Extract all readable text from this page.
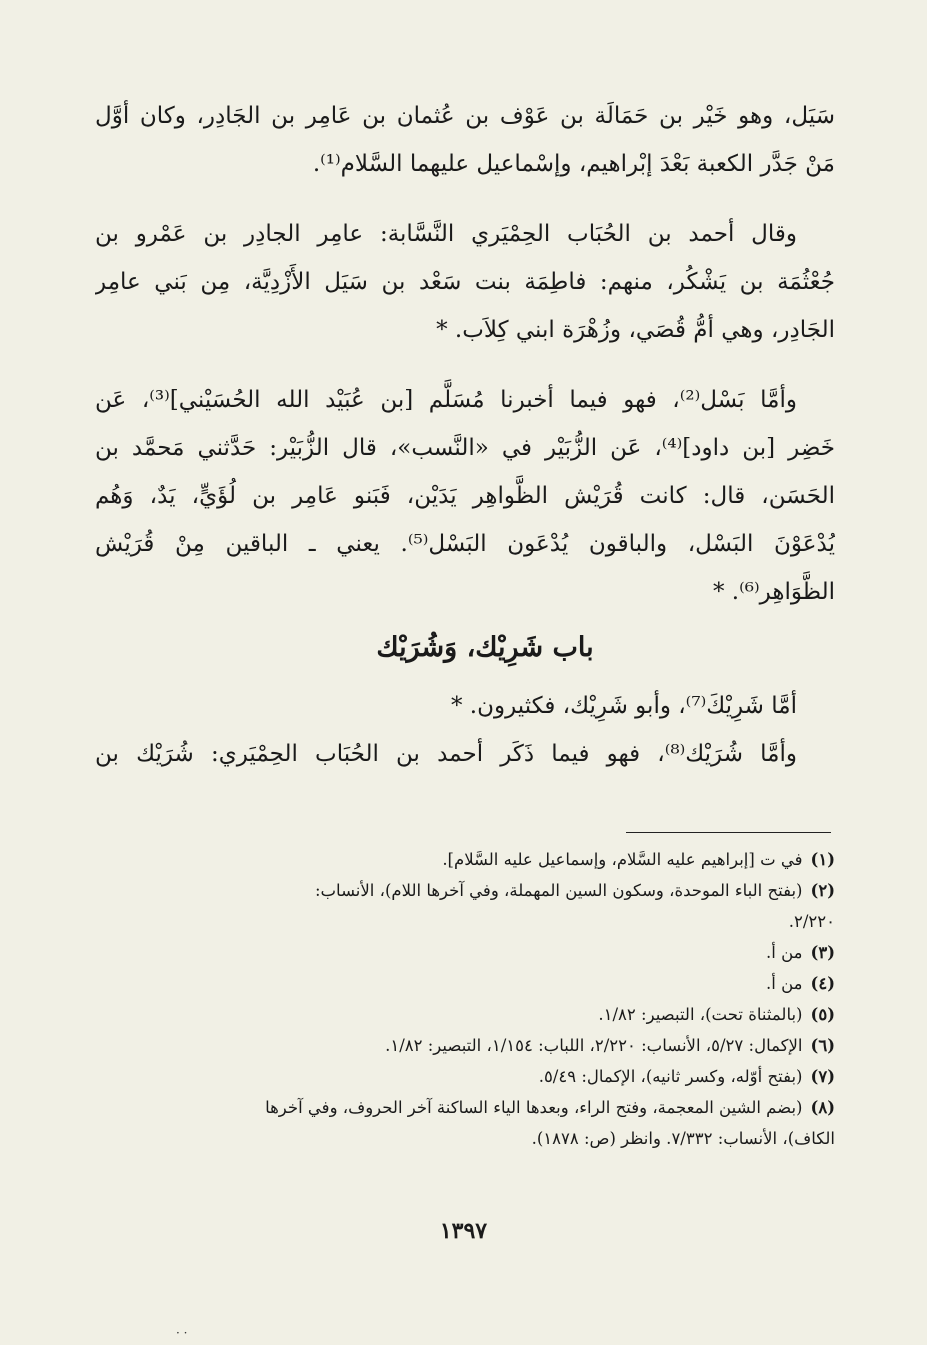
سَيَل، وهو خَيْر بن حَمَالَة بن عَوْف بن عُثمان بن عَامِر بن الجَادِر، وكان أوَّل
مَنْ جَدَّر الكعبة بَعْدَ إبْراهيم، وإسْماعيل عليهما السَّلام⁽¹⁾.
وقال أحمد بن الحُبَاب الحِمْيَري النَّسَّابة: عامِر الجادِر بن عَمْرو بن
جُعْثُمَة بن يَشْكُر، منهم: فاطِمَة بنت سَعْد بن سَيَل الأَزْدِيَّة، مِن بَني عامِر
الجَادِر، وهي أمُّ قُصَي، وزُهْرَة ابني كِلاَب. *
وأمَّا بَسْل⁽²⁾، فهو فيما أخبرنا مُسَلَّم [بن عُبَيْد الله الحُسَيْني]⁽³⁾، عَن
خَضِر [بن داود]⁽⁴⁾، عَن الزُّبَيْر في «النَّسب»، قال الزُّبَيْر: حَدَّثني مَحمَّد بن
الحَسَن، قال: كانت قُرَيْش الظَّواهِر يَدَيْن، فَبَنو عَامِر بن لُؤَيٍّ، يَدٌ، وَهُم
يُدْعَوْنَ البَسْل، والباقون يُدْعَون البَسْل⁽⁵⁾. يعني ـ الباقين مِنْ قُرَيْش
الظَّوَاهِر⁽⁶⁾. *
باب شَرِيْك، وَشُرَيْك
أمَّا شَرِيْكَ⁽⁷⁾، وأبو شَرِيْك، فكثيرون. *
وأمَّا شُرَيْك⁽⁸⁾، فهو فيما ذَكَر أحمد بن الحُبَاب الحِمْيَري: شُرَيْك بن
(١)
في ت [إبراهيم عليه السَّلام، وإسماعيل عليه السَّلام].
(٢)
(بفتح الباء الموحدة، وسكون السين المهملة، وفي آخرها اللام)، الأنساب:
٢/٢٢٠.
(٣)
من أ.
(٤)
من أ.
(٥)
(بالمثناة تحت)، التبصير: ١/٨٢.
(٦)
الإكمال: ٥/٢٧، الأنساب: ٢/٢٢٠، اللباب: ١/١٥٤، التبصير: ١/٨٢.
(٧)
(بفتح أوّله، وكسر ثانيه)، الإكمال: ٥/٤٩.
(٨)
(بضم الشين المعجمة، وفتح الراء، وبعدها الياء الساكنة آخر الحروف، وفي آخرها
الكاف)، الأنساب: ٧/٣٣٢. وانظر (ص: ١٨٧٨).
١٣٩٧
· ·
